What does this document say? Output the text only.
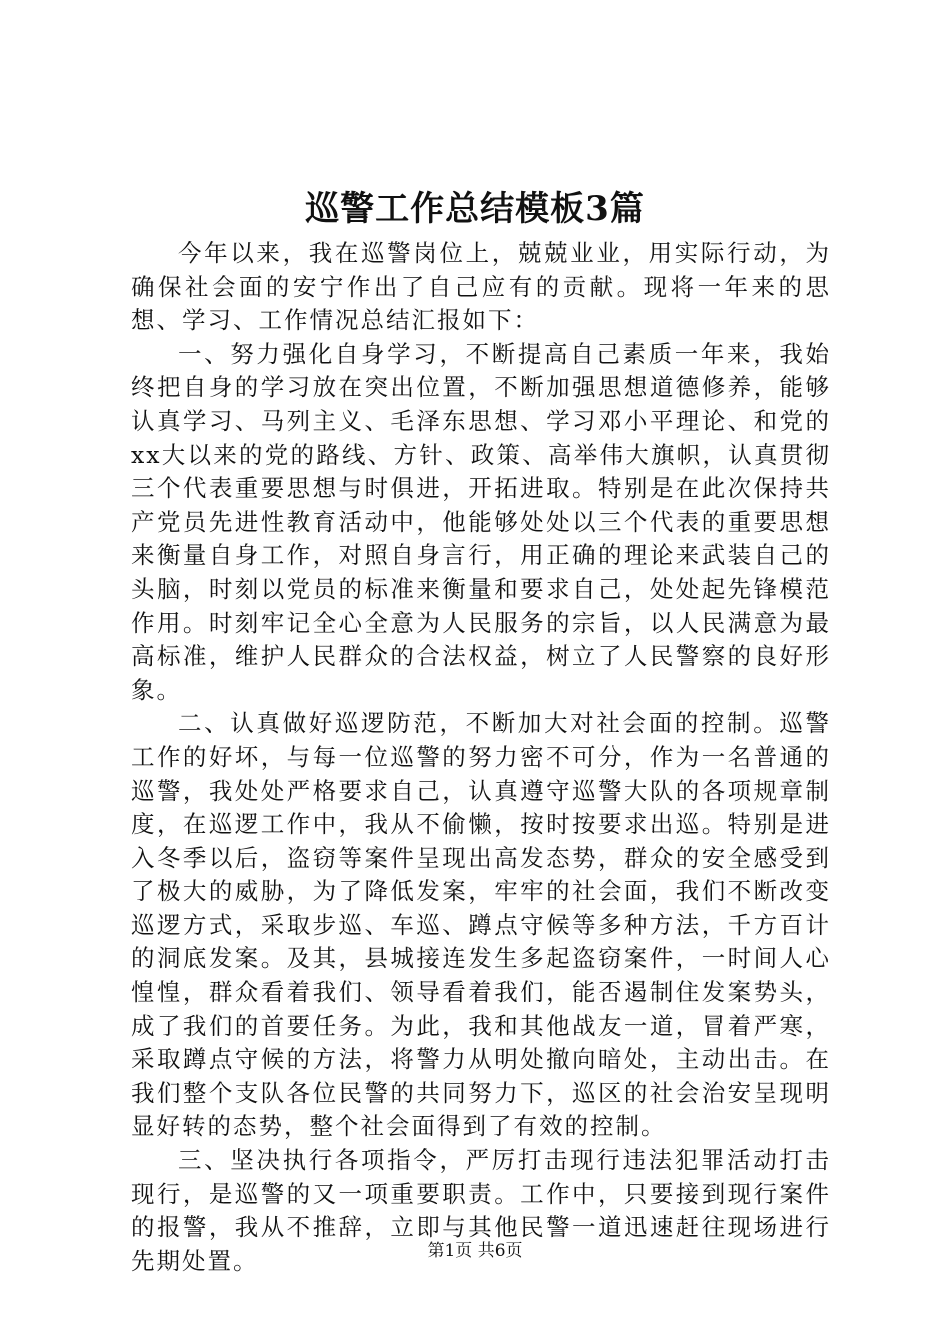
巡警工作总结模板3篇

今年以来，我在巡警岗位上，兢兢业业，用实际行动，为确保社会面的安宁作出了自己应有的贡献。现将一年来的思想、学习、工作情况总结汇报如下：

一、努力强化自身学习，不断提高自己素质一年来，我始终把自身的学习放在突出位置，不断加强思想道德修养，能够认真学习、马列主义、毛泽东思想、学习邓小平理论、和党的xx大以来的党的路线、方针、政策、高举伟大旗帜，认真贯彻三个代表重要思想与时俱进，开拓进取。特别是在此次保持共产党员先进性教育活动中，他能够处处以三个代表的重要思想来衡量自身工作，对照自身言行，用正确的理论来武装自己的头脑，时刻以党员的标准来衡量和要求自己，处处起先锋模范作用。时刻牢记全心全意为人民服务的宗旨，以人民满意为最高标准，维护人民群众的合法权益，树立了人民警察的良好形象。

二、认真做好巡逻防范，不断加大对社会面的控制。巡警工作的好坏，与每一位巡警的努力密不可分，作为一名普通的巡警，我处处严格要求自己，认真遵守巡警大队的各项规章制度，在巡逻工作中，我从不偷懒，按时按要求出巡。特别是进入冬季以后，盗窃等案件呈现出高发态势，群众的安全感受到了极大的威胁，为了降低发案，牢牢的社会面，我们不断改变巡逻方式，采取步巡、车巡、蹲点守候等多种方法，千方百计的洞底发案。及其，县城接连发生多起盗窃案件，一时间人心惶惶，群众看着我们、领导看着我们，能否遏制住发案势头，成了我们的首要任务。为此，我和其他战友一道，冒着严寒，采取蹲点守候的方法，将警力从明处撤向暗处，主动出击。在我们整个支队各位民警的共同努力下，巡区的社会治安呈现明显好转的态势，整个社会面得到了有效的控制。

三、坚决执行各项指令，严厉打击现行违法犯罪活动打击现行，是巡警的又一项重要职责。工作中，只要接到现行案件的报警，我从不推辞，立即与其他民警一道迅速赶往现场进行先期处置。	第1页 共6页
